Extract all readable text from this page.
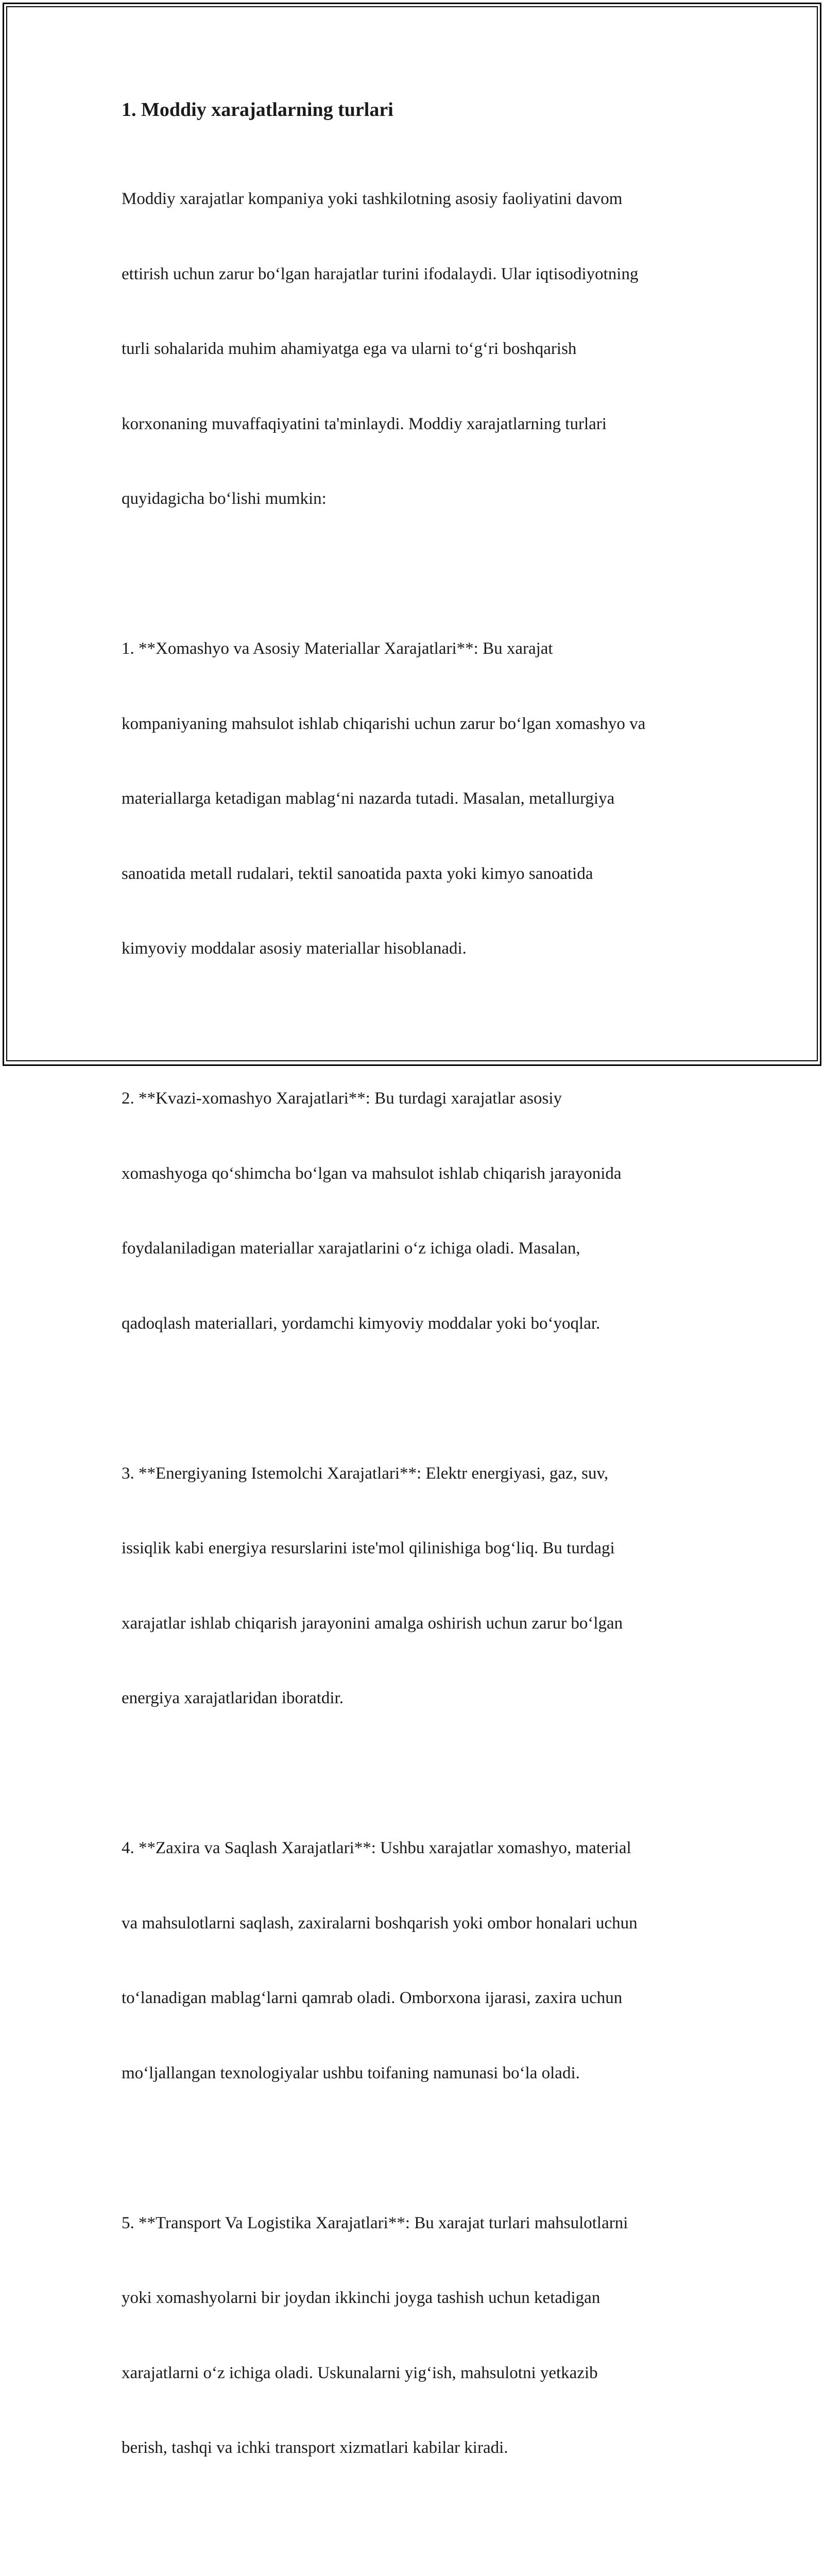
1. Moddiy xarajatlarning turlari

Moddiy xarajatlar kompaniya yoki tashkilotning asosiy faoliyatini davom

ettirish uchun zarur bo‘lgan harajatlar turini ifodalaydi. Ular iqtisodiyotning

turli sohalarida muhim ahamiyatga ega va ularni to‘g‘ri boshqarish

korxonaning muvaffaqiyatini ta'minlaydi. Moddiy xarajatlarning turlari

quyidagicha bo‘lishi mumkin:

1. **Xomashyo va Asosiy Materiallar Xarajatlari**: Bu xarajat

kompaniyaning mahsulot ishlab chiqarishi uchun zarur bo‘lgan xomashyo va

materiallarga ketadigan mablag‘ni nazarda tutadi. Masalan, metallurgiya

sanoatida metall rudalari, tektil sanoatida paxta yoki kimyo sanoatida

kimyoviy moddalar asosiy materiallar hisoblanadi.

2. **Kvazi-xomashyo Xarajatlari**: Bu turdagi xarajatlar asosiy

xomashyoga qo‘shimcha bo‘lgan va mahsulot ishlab chiqarish jarayonida

foydalaniladigan materiallar xarajatlarini o‘z ichiga oladi. Masalan,

qadoqlash materiallari, yordamchi kimyoviy moddalar yoki bo‘yoqlar.

3. **Energiyaning Istemolchi Xarajatlari**: Elektr energiyasi, gaz, suv,

issiqlik kabi energiya resurslarini iste'mol qilinishiga bog‘liq. Bu turdagi

xarajatlar ishlab chiqarish jarayonini amalga oshirish uchun zarur bo‘lgan

energiya xarajatlaridan iboratdir.

4. **Zaxira va Saqlash Xarajatlari**: Ushbu xarajatlar xomashyo, material

va mahsulotlarni saqlash, zaxiralarni boshqarish yoki ombor honalari uchun

to‘lanadigan mablag‘larni qamrab oladi. Omborxona ijarasi, zaxira uchun

mo‘ljallangan texnologiyalar ushbu toifaning namunasi bo‘la oladi.

5. **Transport Va Logistika Xarajatlari**: Bu xarajat turlari mahsulotlarni

yoki xomashyolarni bir joydan ikkinchi joyga tashish uchun ketadigan

xarajatlarni o‘z ichiga oladi. Uskunalarni yig‘ish, mahsulotni yetkazib

berish, tashqi va ichki transport xizmatlari kabilar kiradi.
